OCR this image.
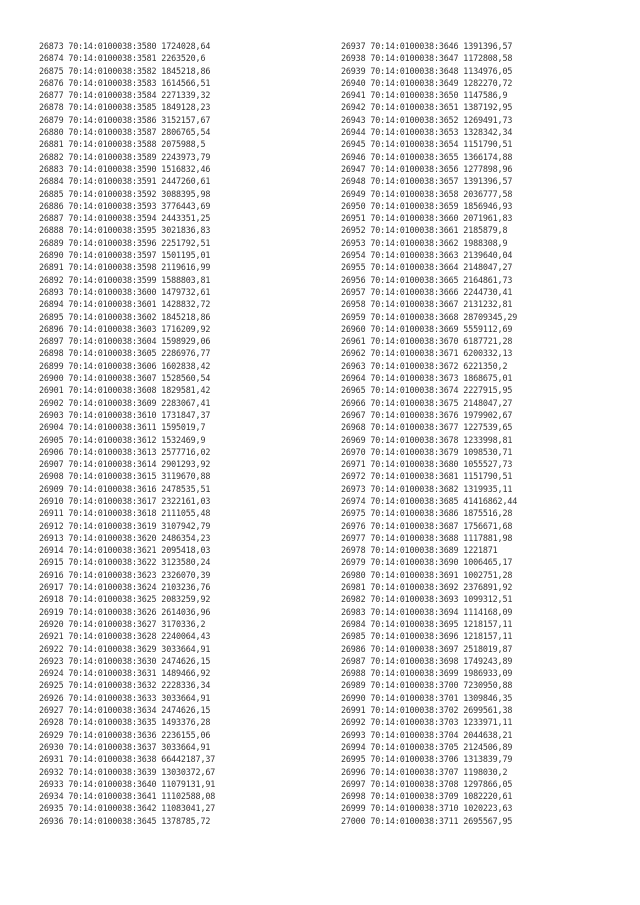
26873 70:14:0100038:3580 1724028,64
26874 70:14:0100038:3581 2263520,6
26875 70:14:0100038:3582 1845218,86
26876 70:14:0100038:3583 1614566,51
26877 70:14:0100038:3584 2271339,32
26878 70:14:0100038:3585 1849128,23
26879 70:14:0100038:3586 3152157,67
26880 70:14:0100038:3587 2806765,54
26881 70:14:0100038:3588 2075988,5
26882 70:14:0100038:3589 2243973,79
26883 70:14:0100038:3590 1516832,46
26884 70:14:0100038:3591 2447260,61
26885 70:14:0100038:3592 3088395,98
26886 70:14:0100038:3593 3776443,69
26887 70:14:0100038:3594 2443351,25
26888 70:14:0100038:3595 3021836,83
26889 70:14:0100038:3596 2251792,51
26890 70:14:0100038:3597 1501195,01
26891 70:14:0100038:3598 2119616,99
26892 70:14:0100038:3599 1588803,81
26893 70:14:0100038:3600 1479732,61
26894 70:14:0100038:3601 1428832,72
26895 70:14:0100038:3602 1845218,86
26896 70:14:0100038:3603 1716209,92
26897 70:14:0100038:3604 1598929,06
26898 70:14:0100038:3605 2286976,77
26899 70:14:0100038:3606 1602838,42
26900 70:14:0100038:3607 1528560,54
26901 70:14:0100038:3608 1829581,42
26902 70:14:0100038:3609 2283067,41
26903 70:14:0100038:3610 1731847,37
26904 70:14:0100038:3611 1595019,7
26905 70:14:0100038:3612 1532469,9
26906 70:14:0100038:3613 2577716,02
26907 70:14:0100038:3614 2901293,92
26908 70:14:0100038:3615 3119670,88
26909 70:14:0100038:3616 2478535,51
26910 70:14:0100038:3617 2322161,03
26911 70:14:0100038:3618 2111055,48
26912 70:14:0100038:3619 3107942,79
26913 70:14:0100038:3620 2486354,23
26914 70:14:0100038:3621 2095418,03
26915 70:14:0100038:3622 3123580,24
26916 70:14:0100038:3623 2326070,39
26917 70:14:0100038:3624 2103236,76
26918 70:14:0100038:3625 2083259,92
26919 70:14:0100038:3626 2614036,96
26920 70:14:0100038:3627 3170336,2
26921 70:14:0100038:3628 2240064,43
26922 70:14:0100038:3629 3033664,91
26923 70:14:0100038:3630 2474626,15
26924 70:14:0100038:3631 1489466,92
26925 70:14:0100038:3632 2228336,34
26926 70:14:0100038:3633 3033664,91
26927 70:14:0100038:3634 2474626,15
26928 70:14:0100038:3635 1493376,28
26929 70:14:0100038:3636 2236155,06
26930 70:14:0100038:3637 3033664,91
26931 70:14:0100038:3638 66442187,37
26932 70:14:0100038:3639 13030372,67
26933 70:14:0100038:3640 11079131,91
26934 70:14:0100038:3641 11102588,08
26935 70:14:0100038:3642 11083041,27
26936 70:14:0100038:3645 1378785,72
26937 70:14:0100038:3646 1391396,57
26938 70:14:0100038:3647 1172808,58
26939 70:14:0100038:3648 1134976,05
26940 70:14:0100038:3649 1282270,72
26941 70:14:0100038:3650 1147586,9
26942 70:14:0100038:3651 1387192,95
26943 70:14:0100038:3652 1269491,73
26944 70:14:0100038:3653 1328342,34
26945 70:14:0100038:3654 1151790,51
26946 70:14:0100038:3655 1366174,88
26947 70:14:0100038:3656 1277898,96
26948 70:14:0100038:3657 1391396,57
26949 70:14:0100038:3658 2036777,58
26950 70:14:0100038:3659 1856946,93
26951 70:14:0100038:3660 2071961,83
26952 70:14:0100038:3661 2185879,8
26953 70:14:0100038:3662 1988308,9
26954 70:14:0100038:3663 2139640,04
26955 70:14:0100038:3664 2148047,27
26956 70:14:0100038:3665 2164861,73
26957 70:14:0100038:3666 2244730,41
26958 70:14:0100038:3667 2131232,81
26959 70:14:0100038:3668 28709345,29
26960 70:14:0100038:3669 5559112,69
26961 70:14:0100038:3670 6187721,28
26962 70:14:0100038:3671 6200332,13
26963 70:14:0100038:3672 6221350,2
26964 70:14:0100038:3673 1868675,01
26965 70:14:0100038:3674 2227915,95
26966 70:14:0100038:3675 2148047,27
26967 70:14:0100038:3676 1979902,67
26968 70:14:0100038:3677 1227539,65
26969 70:14:0100038:3678 1233998,81
26970 70:14:0100038:3679 1098530,71
26971 70:14:0100038:3680 1055527,73
26972 70:14:0100038:3681 1151790,51
26973 70:14:0100038:3682 1319935,11
26974 70:14:0100038:3685 41416862,44
26975 70:14:0100038:3686 1875516,28
26976 70:14:0100038:3687 1756671,68
26977 70:14:0100038:3688 1117881,98
26978 70:14:0100038:3689 1221871
26979 70:14:0100038:3690 1006465,17
26980 70:14:0100038:3691 1002751,28
26981 70:14:0100038:3692 2376891,92
26982 70:14:0100038:3693 1099312,51
26983 70:14:0100038:3694 1114168,09
26984 70:14:0100038:3695 1218157,11
26985 70:14:0100038:3696 1218157,11
26986 70:14:0100038:3697 2518019,87
26987 70:14:0100038:3698 1749243,89
26988 70:14:0100038:3699 1986933,09
26989 70:14:0100038:3700 7230950,88
26990 70:14:0100038:3701 1309846,35
26991 70:14:0100038:3702 2699561,38
26992 70:14:0100038:3703 1233971,11
26993 70:14:0100038:3704 2044638,21
26994 70:14:0100038:3705 2124506,89
26995 70:14:0100038:3706 1313839,79
26996 70:14:0100038:3707 1198030,2
26997 70:14:0100038:3708 1297866,05
26998 70:14:0100038:3709 1082220,61
26999 70:14:0100038:3710 1020223,63
27000 70:14:0100038:3711 2695567,95
